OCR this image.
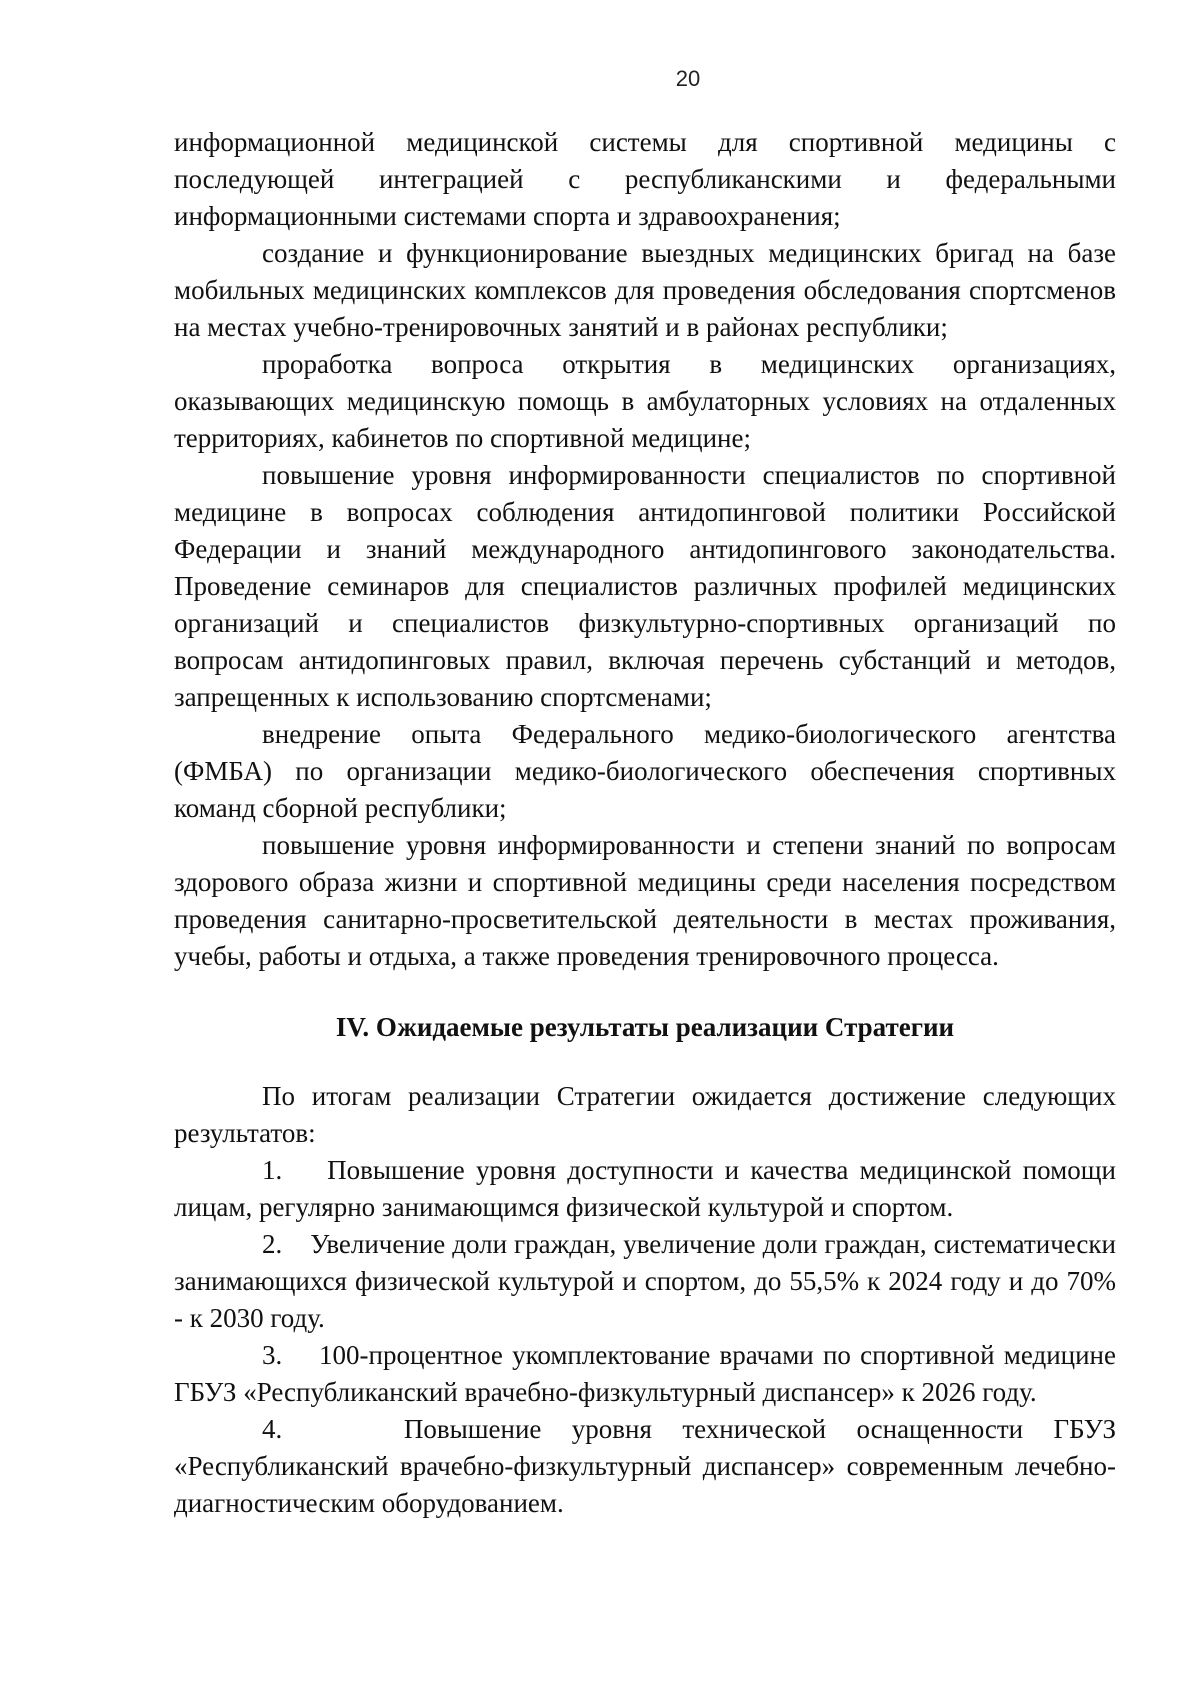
20

информационной медицинской системы для спортивной медицины с последующей интеграцией с республиканскими и федеральными информационными системами спорта и здравоохранения;

создание и функционирование выездных медицинских бригад на базе мобильных медицинских комплексов для проведения обследования спортсменов на местах учебно-тренировочных занятий и в районах республики;

проработка вопроса открытия в медицинских организациях, оказывающих медицинскую помощь в амбулаторных условиях на отдаленных территориях, кабинетов по спортивной медицине;

повышение уровня информированности специалистов по спортивной медицине в вопросах соблюдения антидопинговой политики Российской Федерации и знаний международного антидопингового законодательства. Проведение семинаров для специалистов различных профилей медицинских организаций и специалистов физкультурно-спортивных организаций по вопросам антидопинговых правил, включая перечень субстанций и методов, запрещенных к использованию спортсменами;

внедрение опыта Федерального медико-биологического агентства (ФМБА) по организации медико-биологического обеспечения спортивных команд сборной республики;

повышение уровня информированности и степени знаний по вопросам здорового образа жизни и спортивной медицины среди населения посредством проведения санитарно-просветительской деятельности в местах проживания, учебы, работы и отдыха, а также проведения тренировочного процесса.

IV. Ожидаемые результаты реализации Стратегии

По итогам реализации Стратегии ожидается достижение следующих результатов:

1.    Повышение уровня доступности и качества медицинской помощи лицам, регулярно занимающимся физической культурой и спортом.

2.    Увеличение доли граждан, увеличение доли граждан, систематически занимающихся физической культурой и спортом, до 55,5% к 2024 году и до 70% - к 2030 году.

3.    100-процентное укомплектование врачами по спортивной медицине ГБУЗ «Республиканский врачебно-физкультурный диспансер» к 2026 году.

4.    Повышение уровня технической оснащенности ГБУЗ «Республиканский врачебно-физкультурный диспансер» современным лечебно-диагностическим оборудованием.
